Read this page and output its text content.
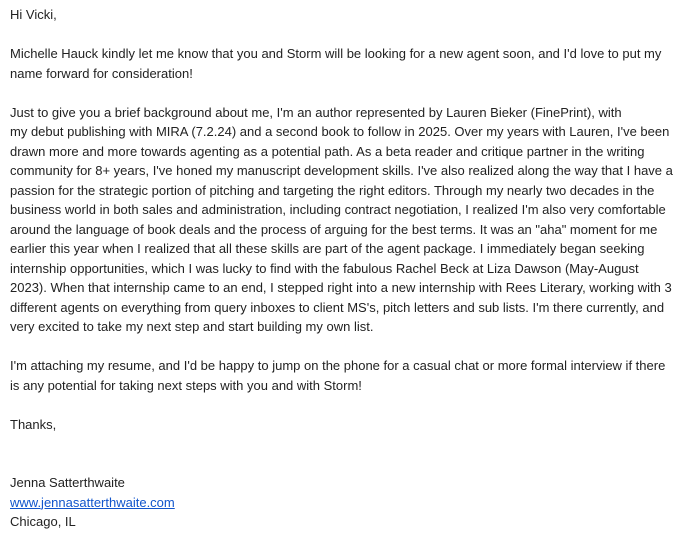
Hi Vicki,
Michelle Hauck kindly let me know that you and Storm will be looking for a new agent soon, and I'd love to put my
name forward for consideration!
Just to give you a brief background about me, I'm an author represented by Lauren Bieker (FinePrint), with
my debut publishing with MIRA (7.2.24) and a second book to follow in 2025. Over my years with Lauren, I've been
drawn more and more towards agenting as a potential path. As a beta reader and critique partner in the writing
community for 8+ years, I've honed my manuscript development skills. I've also realized along the way that I have a
passion for the strategic portion of pitching and targeting the right editors. Through my nearly two decades in the
business world in both sales and administration, including contract negotiation, I realized I'm also very comfortable
around the language of book deals and the process of arguing for the best terms. It was an "aha" moment for me
earlier this year when I realized that all these skills are part of the agent package. I immediately began seeking
internship opportunities, which I was lucky to find with the fabulous Rachel Beck at Liza Dawson (May-August
2023). When that internship came to an end, I stepped right into a new internship with Rees Literary, working with 3
different agents on everything from query inboxes to client MS's, pitch letters and sub lists. I'm there currently, and
very excited to take my next step and start building my own list.
I'm attaching my resume, and I'd be happy to jump on the phone for a casual chat or more formal interview if there
is any potential for taking next steps with you and with Storm!
Thanks,
Jenna Satterthwaite
www.jennasatterthwaite.com
Chicago, IL
